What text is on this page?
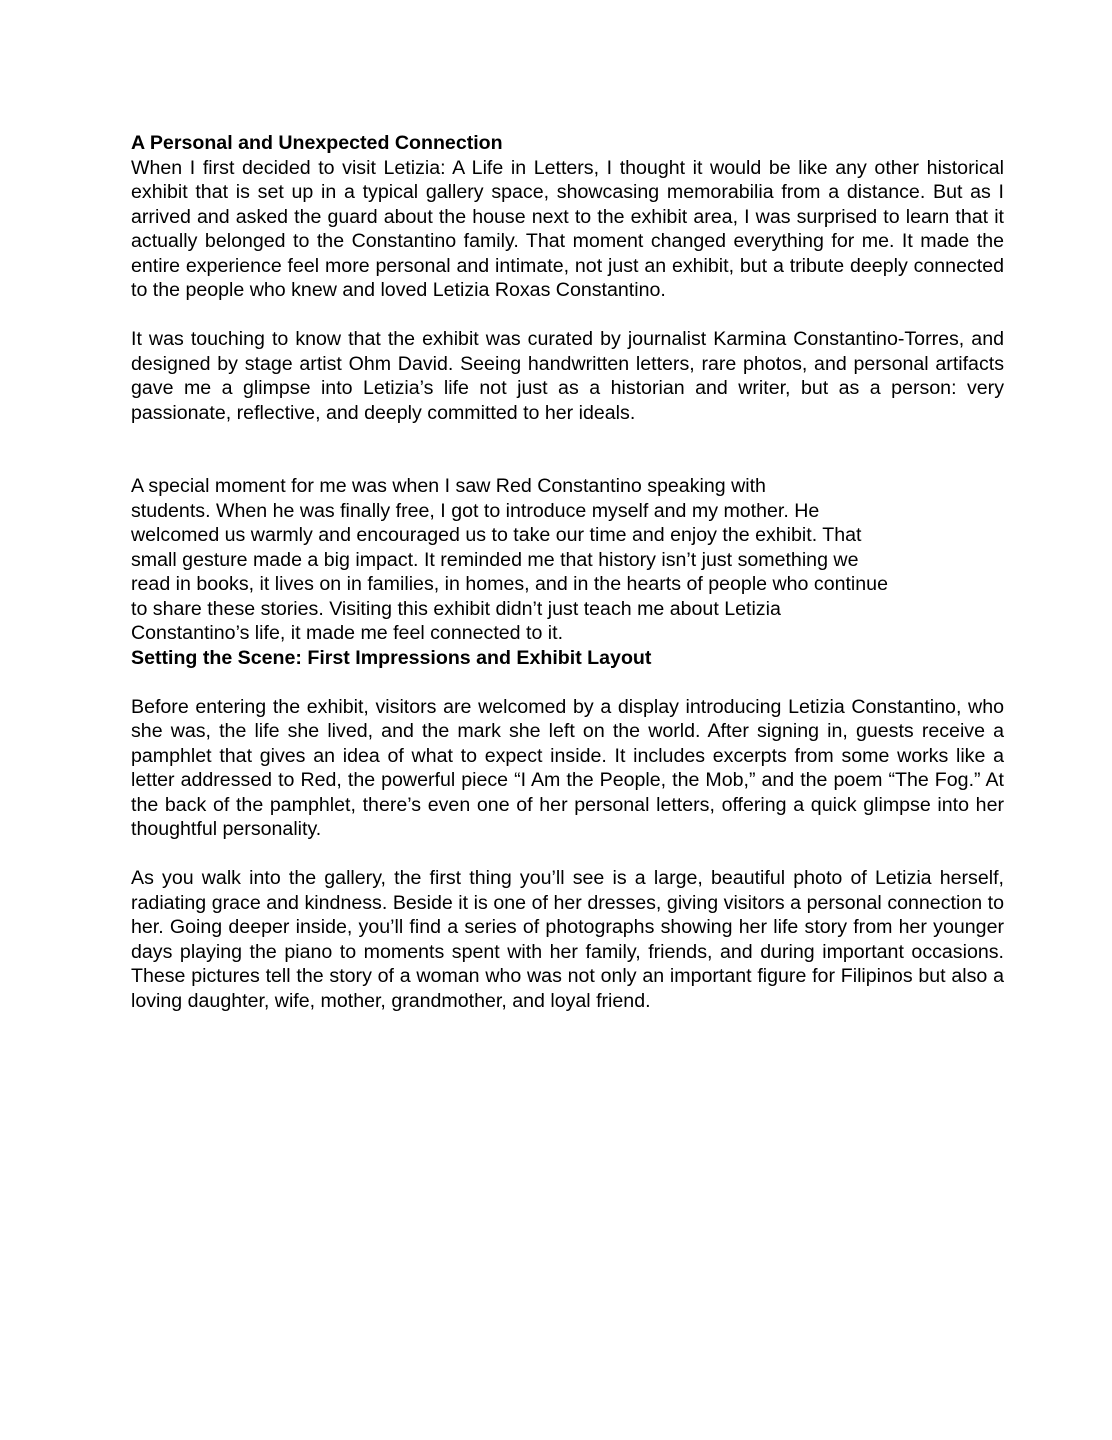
A Personal and Unexpected Connection

When I first decided to visit Letizia: A Life in Letters, I thought it would be like any other historical exhibit that is set up in a typical gallery space, showcasing memorabilia from a distance. But as I arrived and asked the guard about the house next to the exhibit area, I was surprised to learn that it actually belonged to the Constantino family. That moment changed everything for me. It made the entire experience feel more personal and intimate, not just an exhibit, but a tribute deeply connected to the people who knew and loved Letizia Roxas Constantino.

It was touching to know that the exhibit was curated by journalist Karmina Constantino-Torres, and designed by stage artist Ohm David. Seeing handwritten letters, rare photos, and personal artifacts gave me a glimpse into Letizia’s life not just as a historian and writer, but as a person: very passionate, reflective, and deeply committed to her ideals.

A special moment for me was when I saw Red Constantino speaking with
students. When he was finally free, I got to introduce myself and my mother. He
welcomed us warmly and encouraged us to take our time and enjoy the exhibit. That
small gesture made a big impact. It reminded me that history isn’t just something we
read in books, it lives on in families, in homes, and in the hearts of people who continue
to share these stories. Visiting this exhibit didn’t just teach me about Letizia
Constantino’s life, it made me feel connected to it.
Setting the Scene: First Impressions and Exhibit Layout

Before entering the exhibit, visitors are welcomed by a display introducing Letizia Constantino, who she was, the life she lived, and the mark she left on the world. After signing in, guests receive a pamphlet that gives an idea of what to expect inside. It includes excerpts from some works like a letter addressed to Red, the powerful piece “I Am the People, the Mob,” and the poem “The Fog.” At the back of the pamphlet, there’s even one of her personal letters, offering a quick glimpse into her thoughtful personality.

As you walk into the gallery, the first thing you’ll see is a large, beautiful photo of Letizia herself, radiating grace and kindness. Beside it is one of her dresses, giving visitors a personal connection to her. Going deeper inside, you’ll find a series of photographs showing her life story from her younger days playing the piano to moments spent with her family, friends, and during important occasions. These pictures tell the story of a woman who was not only an important figure for Filipinos but also a loving daughter, wife, mother, grandmother, and loyal friend.
